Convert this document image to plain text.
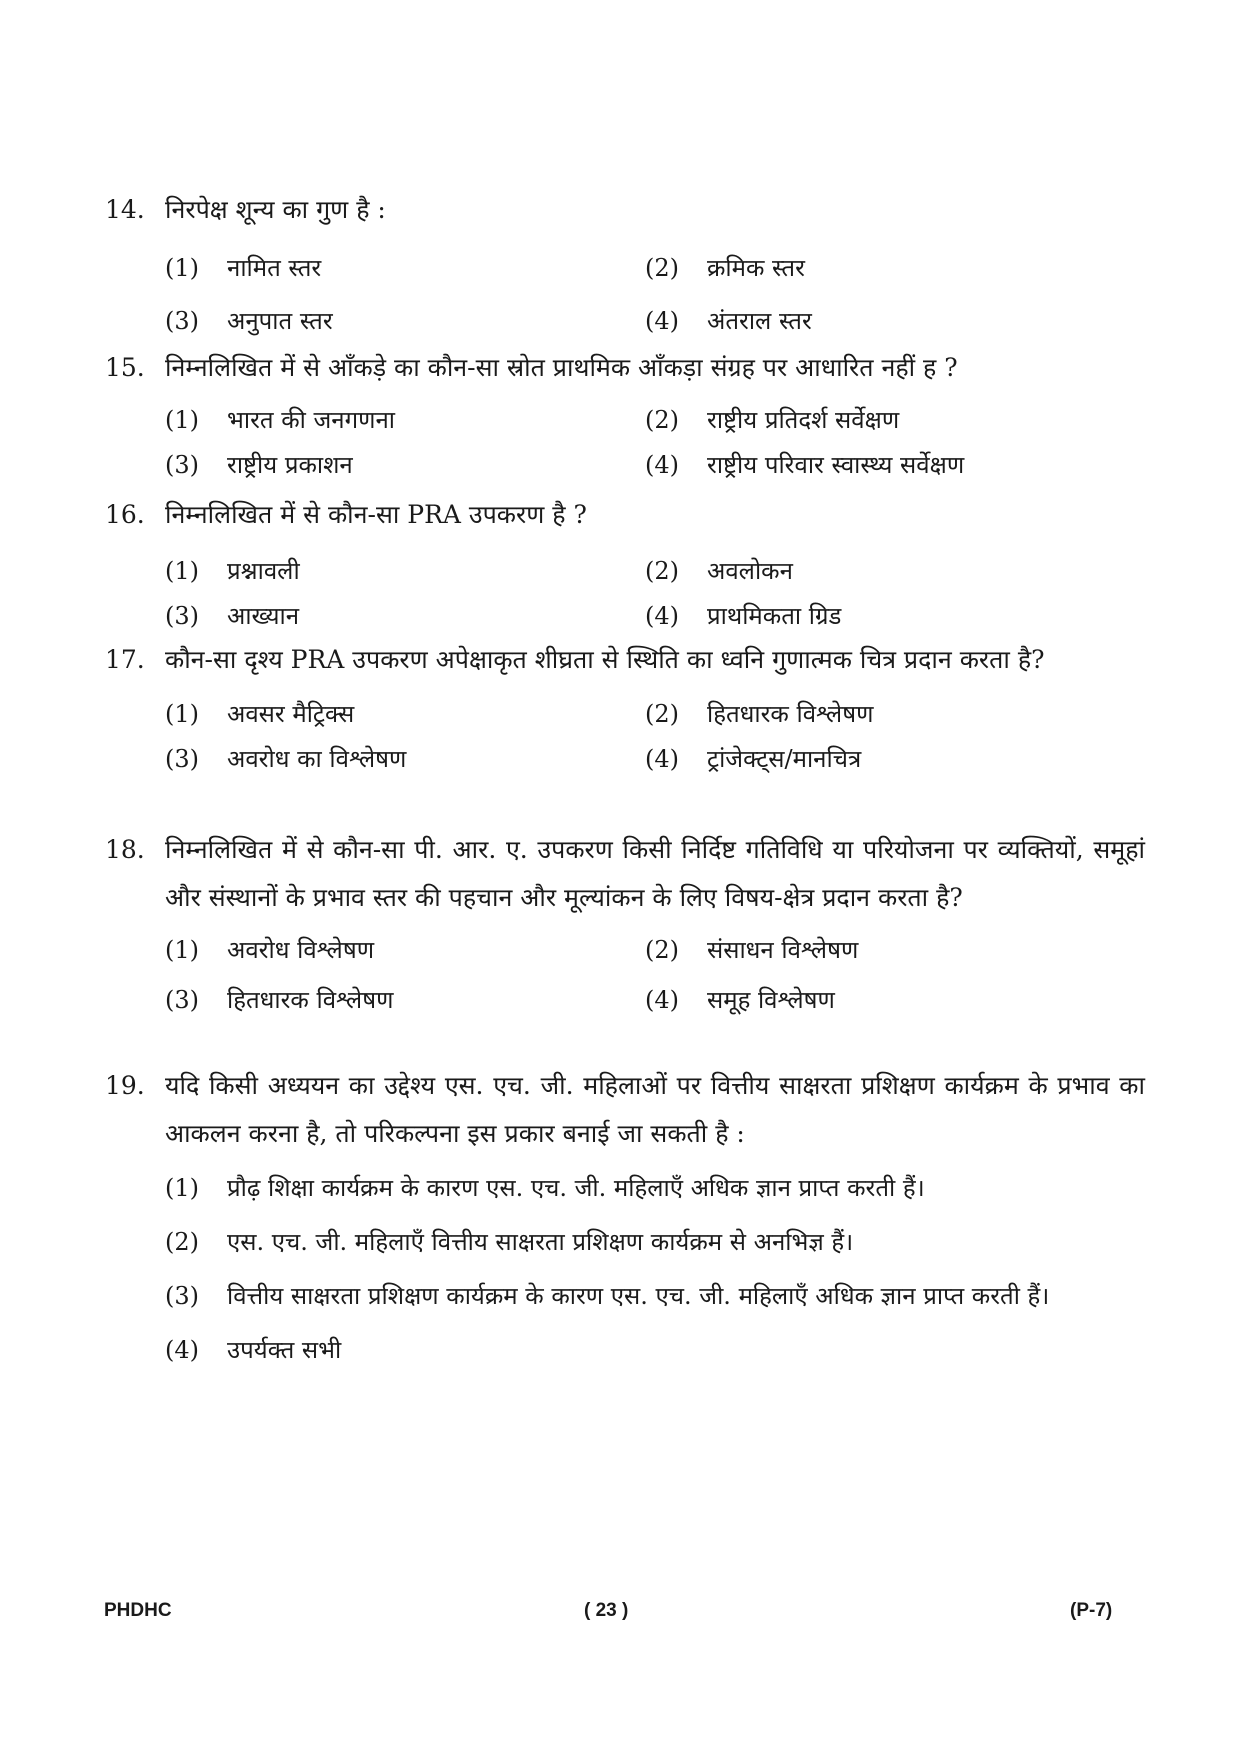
14. निरपेक्ष शून्य का गुण है :
(1) नामित स्तर	(2) क्रमिक स्तर
(3) अनुपात स्तर	(4) अंतराल स्तर
15. निम्नलिखित में से आँकड़े का कौन-सा स्रोत प्राथमिक आँकड़ा संग्रह पर आधारित नहीं ह ?
(1) भारत की जनगणना	(2) राष्ट्रीय प्रतिदर्श सर्वेक्षण
(3) राष्ट्रीय प्रकाशन	(4) राष्ट्रीय परिवार स्वास्थ्य सर्वेक्षण
16. निम्नलिखित में से कौन-सा PRA उपकरण है ?
(1) प्रश्नावली	(2) अवलोकन
(3) आख्यान	(4) प्राथमिकता ग्रिड
17. कौन-सा दृश्य PRA उपकरण अपेक्षाकृत शीघ्रता से स्थिति का ध्वनि गुणात्मक चित्र प्रदान करता है?
(1) अवसर मैट्रिक्स	(2) हितधारक विश्लेषण
(3) अवरोध का विश्लेषण	(4) ट्रांजेक्ट्स/मानचित्र
18. निम्नलिखित में से कौन-सा पी. आर. ए. उपकरण किसी निर्दिष्ट गतिविधि या परियोजना पर व्यक्तियों, समूहां और संस्थानों के प्रभाव स्तर की पहचान और मूल्यांकन के लिए विषय-क्षेत्र प्रदान करता है?
(1) अवरोध विश्लेषण	(2) संसाधन विश्लेषण
(3) हितधारक विश्लेषण	(4) समूह विश्लेषण
19. यदि किसी अध्ययन का उद्देश्य एस. एच. जी. महिलाओं पर वित्तीय साक्षरता प्रशिक्षण कार्यक्रम के प्रभाव का आकलन करना है, तो परिकल्पना इस प्रकार बनाई जा सकती है :
(1)	प्रौढ़ शिक्षा कार्यक्रम के कारण एस. एच. जी. महिलाएँ अधिक ज्ञान प्राप्त करती हैं।
(2)	एस. एच. जी. महिलाएँ वित्तीय साक्षरता प्रशिक्षण कार्यक्रम से अनभिज्ञ हैं।
(3)	वित्तीय साक्षरता प्रशिक्षण कार्यक्रम के कारण एस. एच. जी. महिलाएँ अधिक ज्ञान प्राप्त करती हैं।
(4)	उपर्यक्त सभी
PHDHC	( 23 )	(P-7)
